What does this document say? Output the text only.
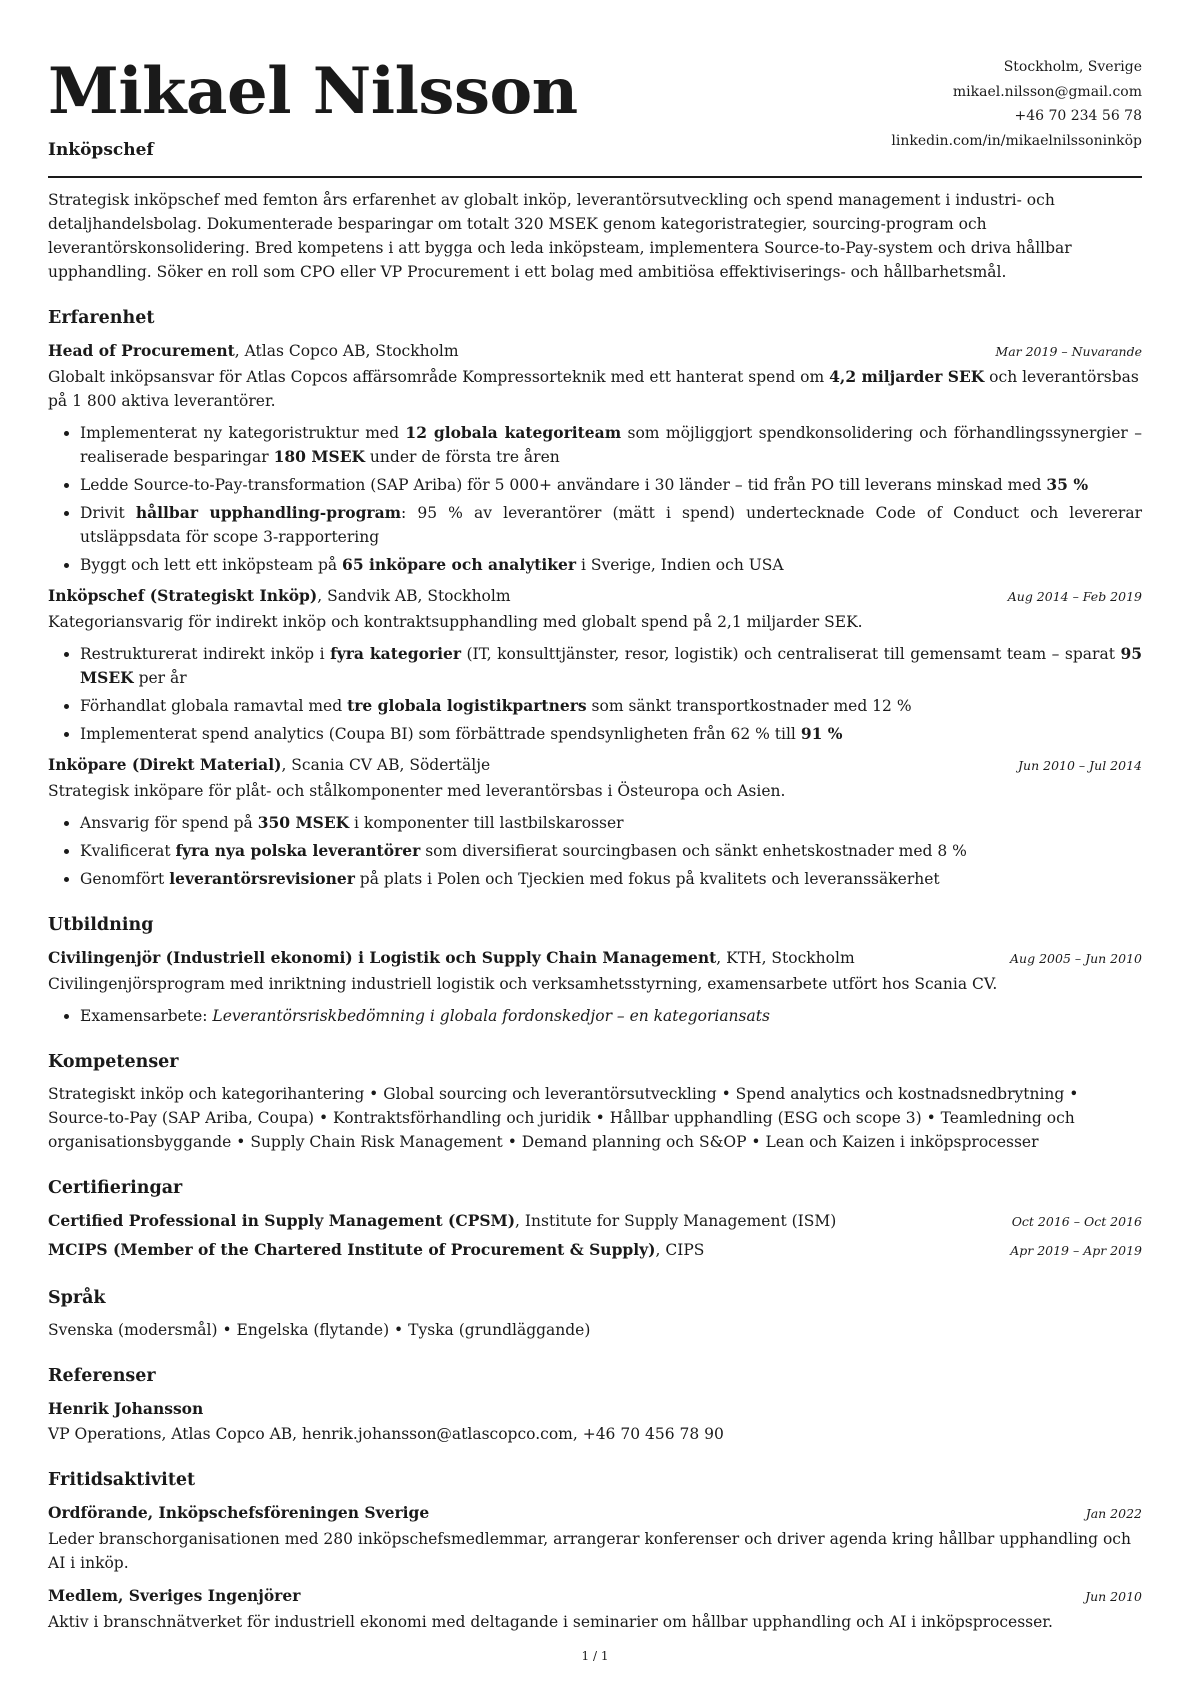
Mikael Nilsson
Inköpschef
Stockholm, Sverige
mikael.nilsson@gmail.com
+46 70 234 56 78
linkedin.com/in/mikaelnilssoninköp

Strategisk inköpschef med femton års erfarenhet av globalt inköp, leverantörsutveckling och spend management i industri- och detaljhandelsbolag. Dokumenterade besparingar om totalt 320 MSEK genom kategoristrategier, sourcing-program och leverantörskonsolidering. Bred kompetens i att bygga och leda inköpsteam, implementera Source-to-Pay-system och driva hållbar upphandling. Söker en roll som CPO eller VP Procurement i ett bolag med ambitiösa effektiviserings- och hållbarhetsmål.

Erfarenhet
Head of Procurement, Atlas Copco AB, Stockholm	Mar 2019 – Nuvarande

Globalt inköpsansvar för Atlas Copcos affärsområde Kompressorteknik med ett hanterat spend om 4,2 miljarder SEK och leverantörsbas på 1 800 aktiva leverantörer.

• Implementerat ny kategoristruktur med 12 globala kategoriteam som möjliggjort spendkonsolidering och förhandlingssynergier – realiserade besparingar 180 MSEK under de första tre åren
• Ledde Source-to-Pay-transformation (SAP Ariba) för 5 000+ användare i 30 länder – tid från PO till leverans minskad med 35 %
• Drivit hållbar upphandling-program: 95 % av leverantörer (mätt i spend) undertecknade Code of Conduct och levererar utsläppsdata för scope 3-rapportering
• Byggt och lett ett inköpsteam på 65 inköpare och analytiker i Sverige, Indien och USA
Inköpschef (Strategiskt Inköp), Sandvik AB, Stockholm	Aug 2014 – Feb 2019

Kategoriansvarig för indirekt inköp och kontraktsupphandling med globalt spend på 2,1 miljarder SEK.

• Restrukturerat indirekt inköp i fyra kategorier (IT, konsulttjänster, resor, logistik) och centraliserat till gemensamt team – sparat 95 MSEK per år
• Förhandlat globala ramavtal med tre globala logistikpartners som sänkt transportkostnader med 12 %
• Implementerat spend analytics (Coupa BI) som förbättrade spendsynligheten från 62 % till 91 %
Inköpare (Direkt Material), Scania CV AB, Södertälje	Jun 2010 – Jul 2014

Strategisk inköpare för plåt- och stålkomponenter med leverantörsbas i Östeuropa och Asien.

• Ansvarig för spend på 350 MSEK i komponenter till lastbilskarosser
• Kvalificerat fyra nya polska leverantörer som diversifierat sourcingbasen och sänkt enhetskostnader med 8 %
• Genomfört leverantörsrevisioner på plats i Polen och Tjeckien med fokus på kvalitets och leveranssäkerhet
Utbildning
Civilingenjör (Industriell ekonomi) i Logistik och Supply Chain Management, KTH, Stockholm	Aug 2005 – Jun 2010

Civilingenjörsprogram med inriktning industriell logistik och verksamhetsstyrning, examensarbete utfört hos Scania CV.

• Examensarbete: Leverantörsriskbedömning i globala fordonskedjor – en kategoriansats
Kompetenser

Strategiskt inköp och kategorihantering • Global sourcing och leverantörsutveckling • Spend analytics och kostnadsnedbrytning • Source-to-Pay (SAP Ariba, Coupa) • Kontraktsförhandling och juridik • Hållbar upphandling (ESG och scope 3) • Teamledning och organisationsbyggande • Supply Chain Risk Management • Demand planning och S&OP • Lean och Kaizen i inköpsprocesser

Certifieringar
Certified Professional in Supply Management (CPSM), Institute for Supply Management (ISM)	Oct 2016 – Oct 2016
MCIPS (Member of the Chartered Institute of Procurement & Supply), CIPS	Apr 2019 – Apr 2019
Språk

Svenska (modersmål) • Engelska (flytande) • Tyska (grundläggande)

Referenser
Henrik Johansson

VP Operations, Atlas Copco AB, henrik.johansson@atlascopco.com, +46 70 456 78 90

Fritidsaktivitet
Ordförande, Inköpschefsföreningen Sverige	Jan 2022

Leder branschorganisationen med 280 inköpschefsmedlemmar, arrangerar konferenser och driver agenda kring hållbar upphandling och AI i inköp.

Medlem, Sveriges Ingenjörer	Jun 2010

Aktiv i branschnätverket för industriell ekonomi med deltagande i seminarier om hållbar upphandling och AI i inköpsprocesser.

1 / 1
